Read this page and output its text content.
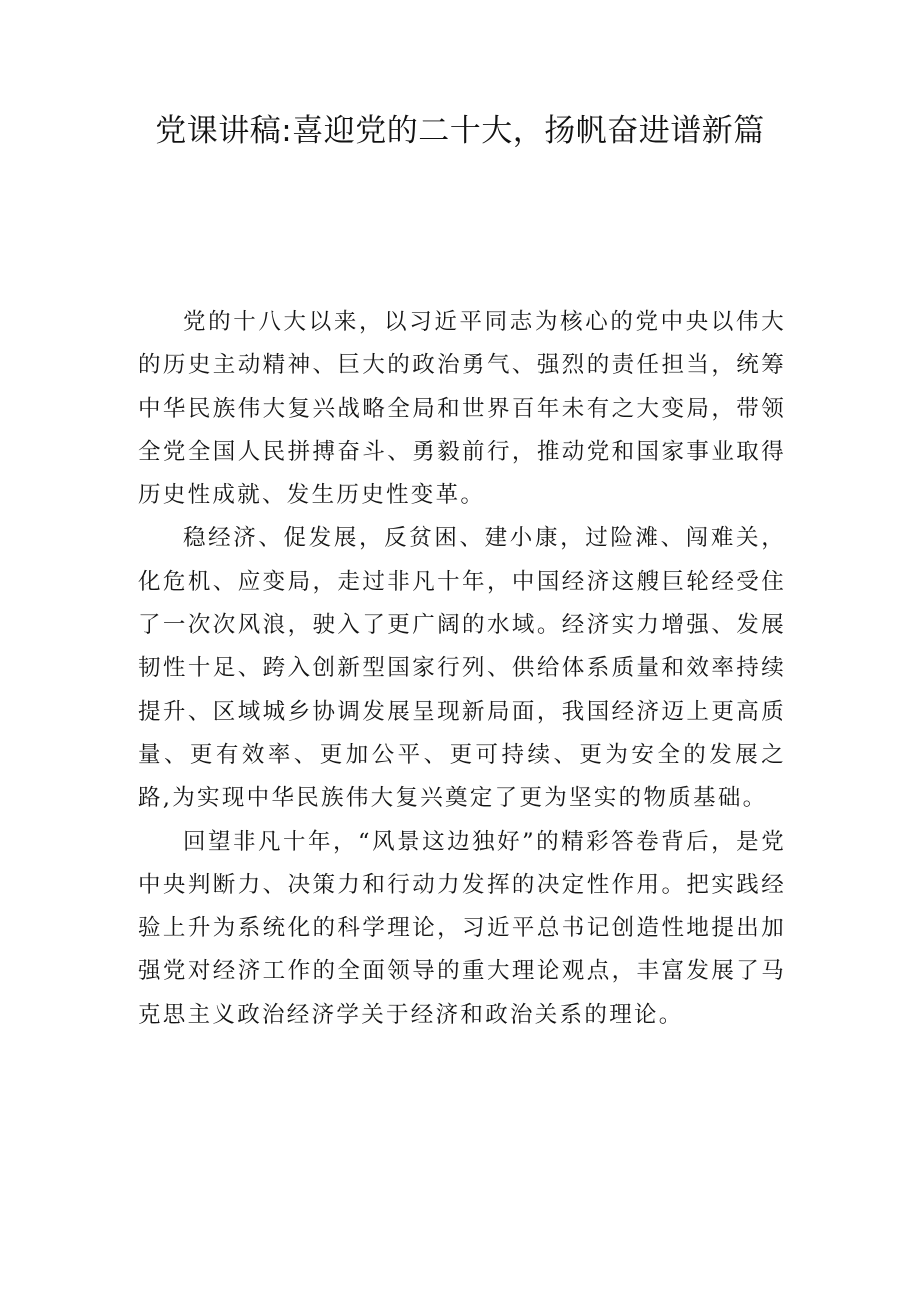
党课讲稿:喜迎党的二十大，扬帆奋进谱新篇

党的十八大以来，以习近平同志为核心的党中央以伟大的历史主动精神、巨大的政治勇气、强烈的责任担当，统筹中华民族伟大复兴战略全局和世界百年未有之大变局，带领全党全国人民拼搏奋斗、勇毅前行，推动党和国家事业取得历史性成就、发生历史性变革。

稳经济、促发展，反贫困、建小康，过险滩、闯难关，化危机、应变局，走过非凡十年，中国经济这艘巨轮经受住了一次次风浪，驶入了更广阔的水域。经济实力增强、发展韧性十足、跨入创新型国家行列、供给体系质量和效率持续提升、区域城乡协调发展呈现新局面，我国经济迈上更高质量、更有效率、更加公平、更可持续、更为安全的发展之路,为实现中华民族伟大复兴奠定了更为坚实的物质基础。

回望非凡十年，“风景这边独好”的精彩答卷背后，是党中央判断力、决策力和行动力发挥的决定性作用。把实践经验上升为系统化的科学理论，习近平总书记创造性地提出加强党对经济工作的全面领导的重大理论观点，丰富发展了马克思主义政治经济学关于经济和政治关系的理论。
